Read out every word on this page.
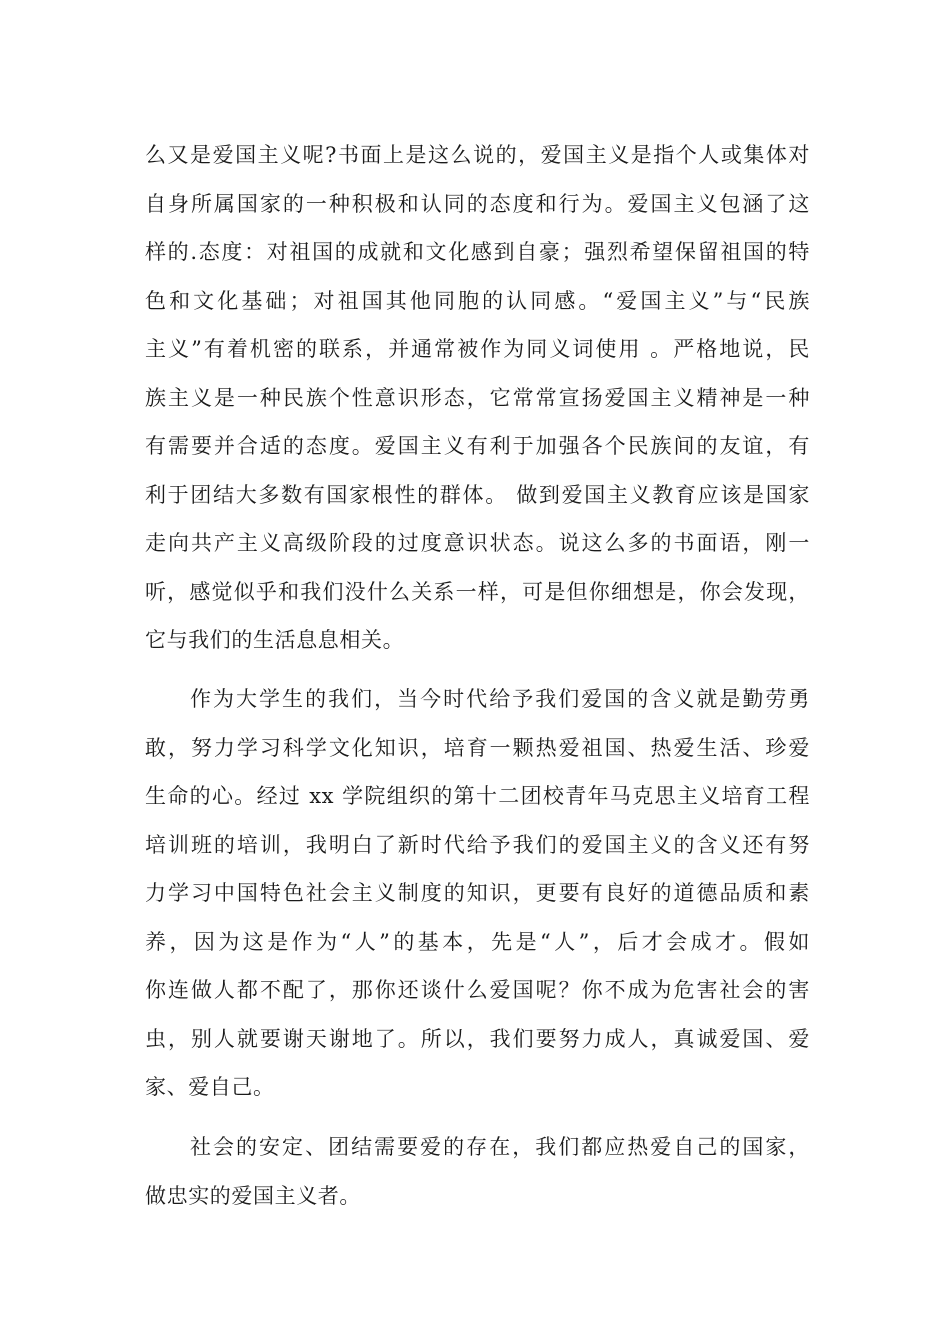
么又是爱国主义呢?书面上是这么说的，爱国主义是指个人或集体对
自身所属国家的一种积极和认同的态度和行为。爱国主义包涵了这
样的.态度：对祖国的成就和文化感到自豪；强烈希望保留祖国的特
色和文化基础；对祖国其他同胞的认同感。“爱国主义”与“民族
主义”有着机密的联系，并通常被作为同义词使用 。严格地说，民
族主义是一种民族个性意识形态，它常常宣扬爱国主义精神是一种
有需要并合适的态度。爱国主义有利于加强各个民族间的友谊，有
利于团结大多数有国家根性的群体。 做到爱国主义教育应该是国家
走向共产主义高级阶段的过度意识状态。说这么多的书面语，刚一
听，感觉似乎和我们没什么关系一样，可是但你细想是，你会发现，
它与我们的生活息息相关。
作为大学生的我们，当今时代给予我们爱国的含义就是勤劳勇
敢，努力学习科学文化知识，培育一颗热爱祖国、热爱生活、珍爱
生命的心。经过 xx 学院组织的第十二团校青年马克思主义培育工程
培训班的培训，我明白了新时代给予我们的爱国主义的含义还有努
力学习中国特色社会主义制度的知识，更要有良好的道德品质和素
养，因为这是作为“人”的基本，先是“人”，后才会成才。假如
你连做人都不配了，那你还谈什么爱国呢？你不成为危害社会的害
虫，别人就要谢天谢地了。所以，我们要努力成人，真诚爱国、爱
家、爱自己。
社会的安定、团结需要爱的存在，我们都应热爱自己的国家，
做忠实的爱国主义者。
